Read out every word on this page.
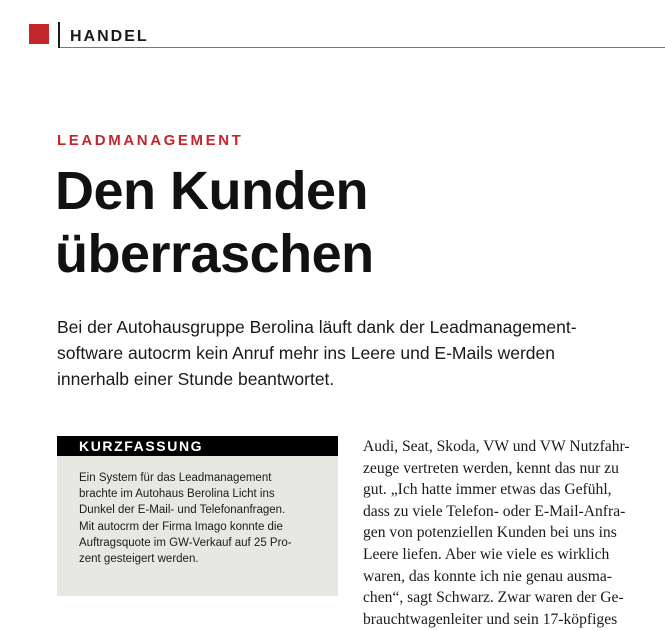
HANDEL
LEADMANAGEMENT
Den Kunden
überraschen

Bei der Autohausgruppe Berolina läuft dank der Leadmanagement-
software autocrm kein Anruf mehr ins Leere und E-Mails werden
innerhalb einer Stunde beantwortet.

KURZFASSUNG
Ein System für das Leadmanagement
brachte im Autohaus Berolina Licht ins
Dunkel der E-Mail- und Telefonanfragen.
Mit autocrm der Firma Imago konnte die
Auftragsquote im GW-Verkauf auf 25 Pro-
zent gesteigert werden.
Audi, Seat, Skoda, VW und VW Nutzfahr-
zeuge vertreten werden, kennt das nur zu
gut. „Ich hatte immer etwas das Gefühl,
dass zu viele Telefon- oder E-Mail-Anfra-
gen von potenziellen Kunden bei uns ins
Leere liefen. Aber wie viele es wirklich
waren, das konnte ich nie genau ausma-
chen“, sagt Schwarz. Zwar waren der Ge-
brauchtwagenleiter und sein 17-köpfiges
